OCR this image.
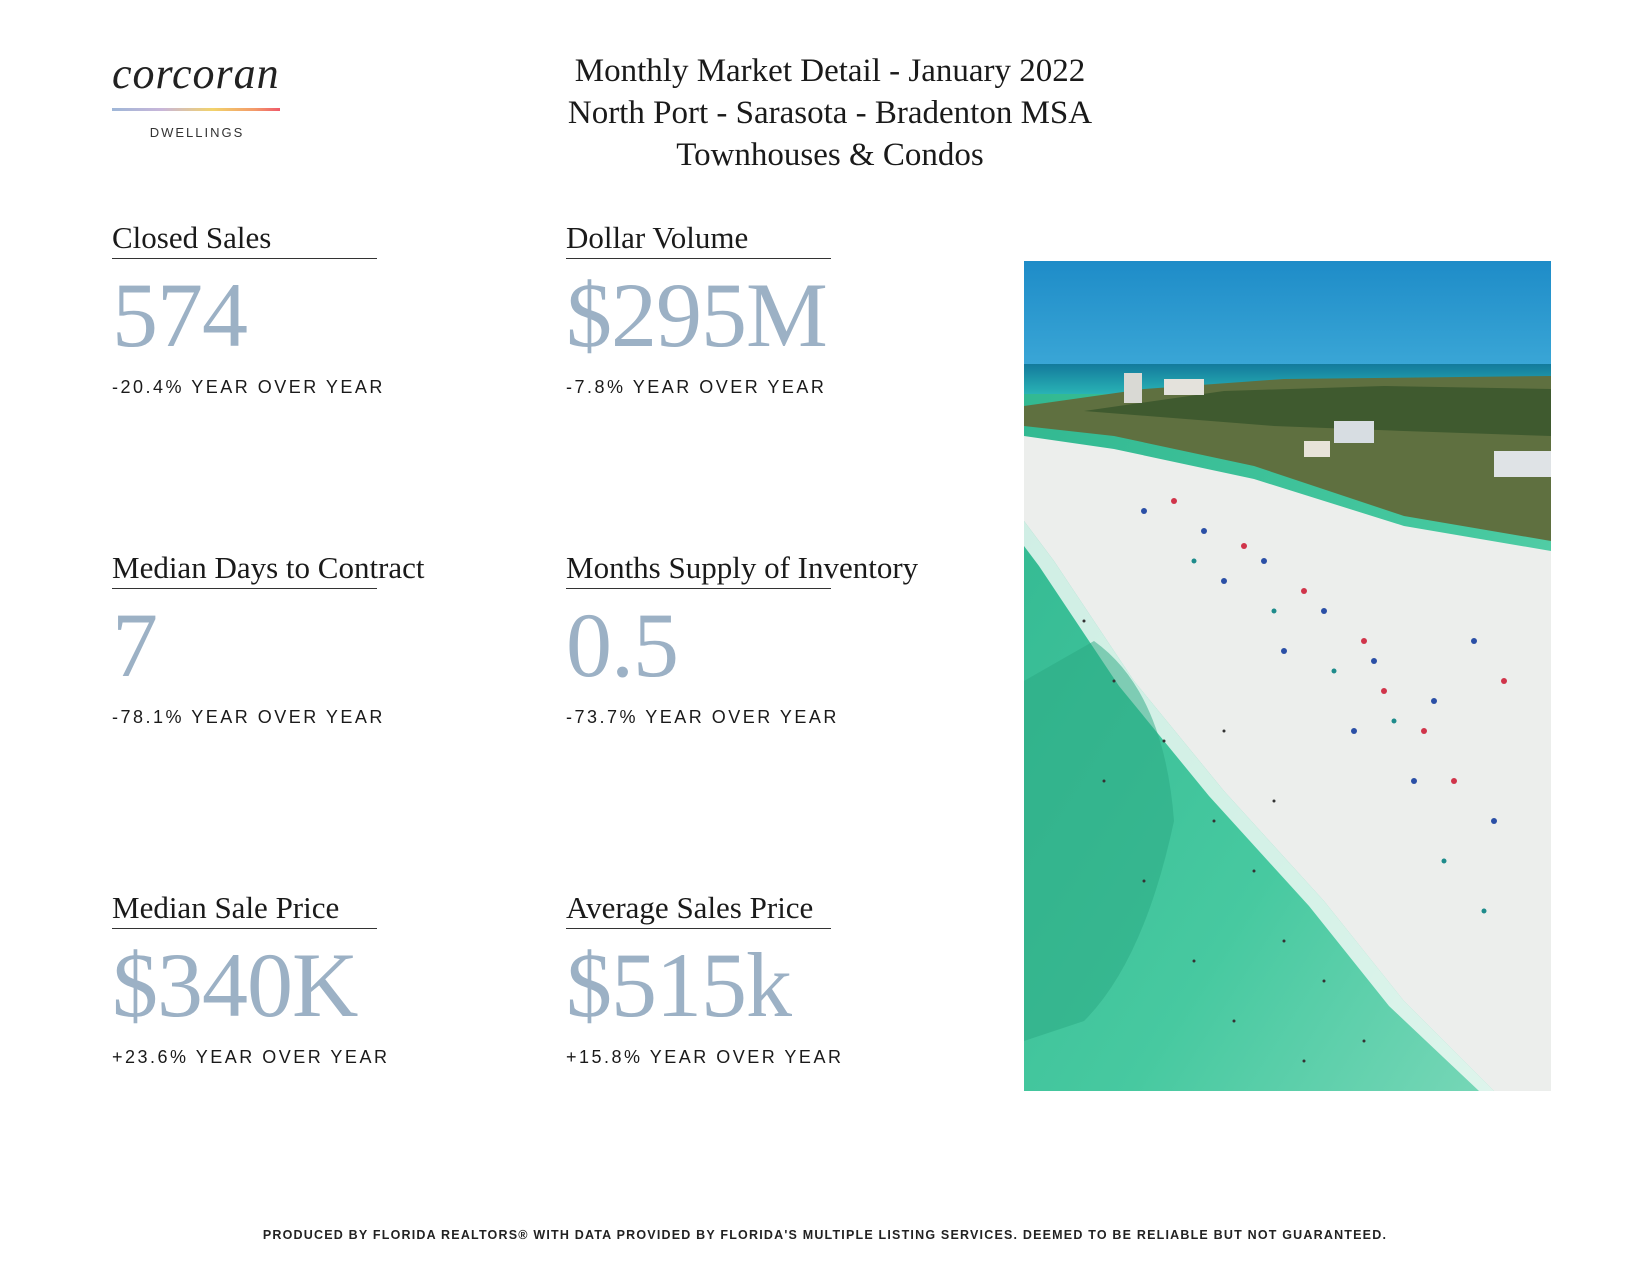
corcoran
DWELLINGS
Monthly Market Detail - January 2022
North Port - Sarasota - Bradenton MSA
Townhouses & Condos
Closed Sales
574
-20.4% YEAR OVER YEAR
Dollar Volume
$295M
-7.8% YEAR OVER YEAR
Median Days to Contract
7
-78.1% YEAR OVER YEAR
Months Supply of Inventory
0.5
-73.7% YEAR OVER YEAR
Median Sale Price
$340K
+23.6% YEAR OVER YEAR
Average Sales Price
$515k
+15.8% YEAR OVER YEAR
PRODUCED BY FLORIDA REALTORS® WITH DATA PROVIDED BY FLORIDA'S MULTIPLE LISTING SERVICES. DEEMED TO BE RELIABLE BUT NOT GUARANTEED.
